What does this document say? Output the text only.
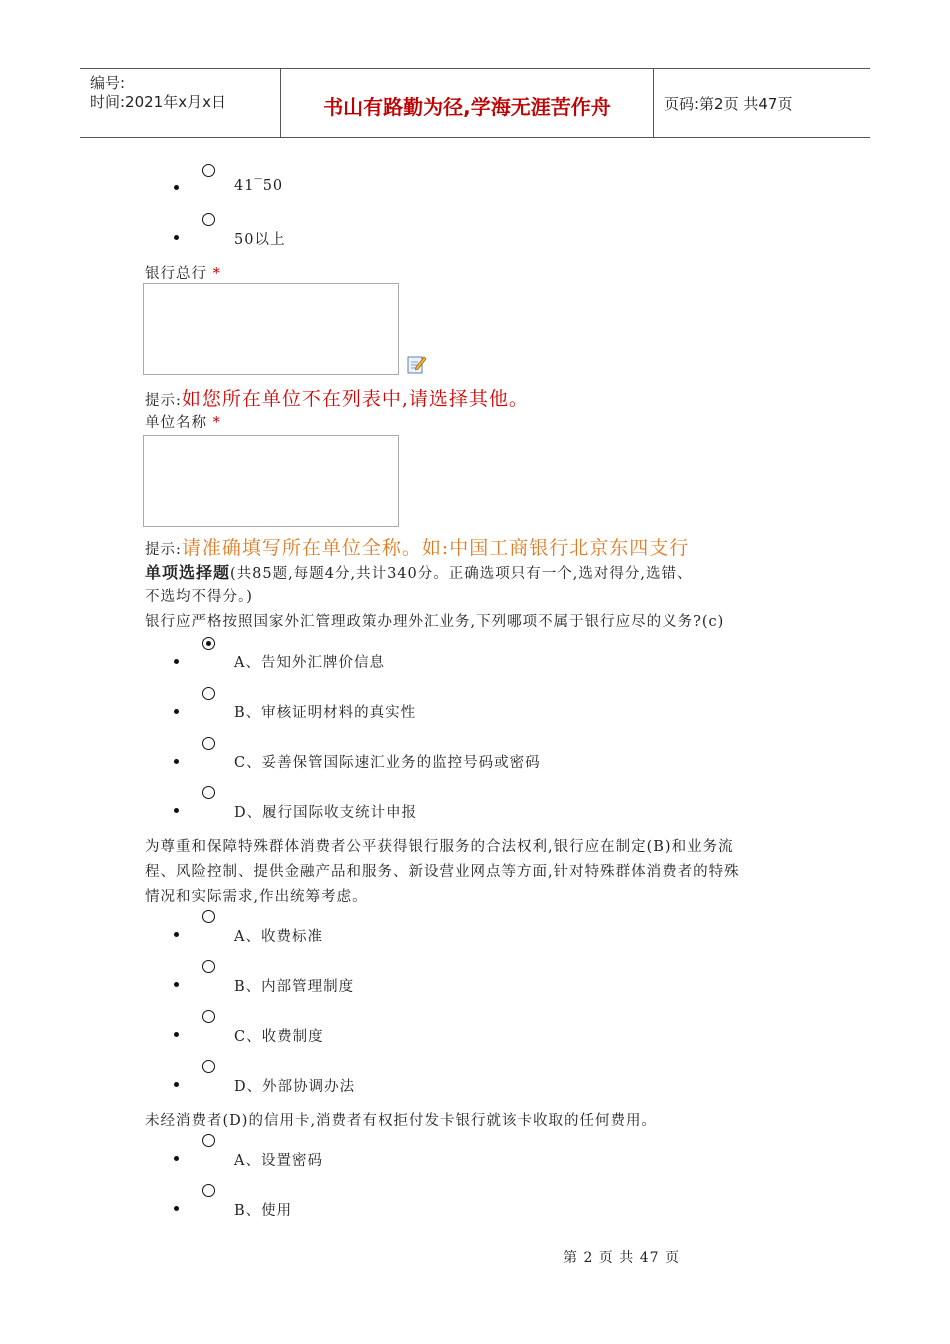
编号:
时间:2021年x月x日	书山有路勤为径,学海无涯苦作舟	页码:第2页 共47页
41‾50
50以上
银行总行 *
提示:如您所在单位不在列表中,请选择其他。
单位名称 *
提示:请准确填写所在单位全称。如:中国工商银行北京东四支行
单项选择题(共85题,每题4分,共计340分。正确选项只有一个,选对得分,选错、
不选均不得分。)
银行应严格按照国家外汇管理政策办理外汇业务,下列哪项不属于银行应尽的义务?(c)
A、告知外汇牌价信息
B、审核证明材料的真实性
C、妥善保管国际速汇业务的监控号码或密码
D、履行国际收支统计申报
为尊重和保障特殊群体消费者公平获得银行服务的合法权利,银行应在制定(B)和业务流
程、风险控制、提供金融产品和服务、新设营业网点等方面,针对特殊群体消费者的特殊
情况和实际需求,作出统筹考虑。
A、收费标准
B、内部管理制度
C、收费制度
D、外部协调办法
未经消费者(D)的信用卡,消费者有权拒付发卡银行就该卡收取的任何费用。
A、设置密码
B、使用
第 2 页 共 47 页
